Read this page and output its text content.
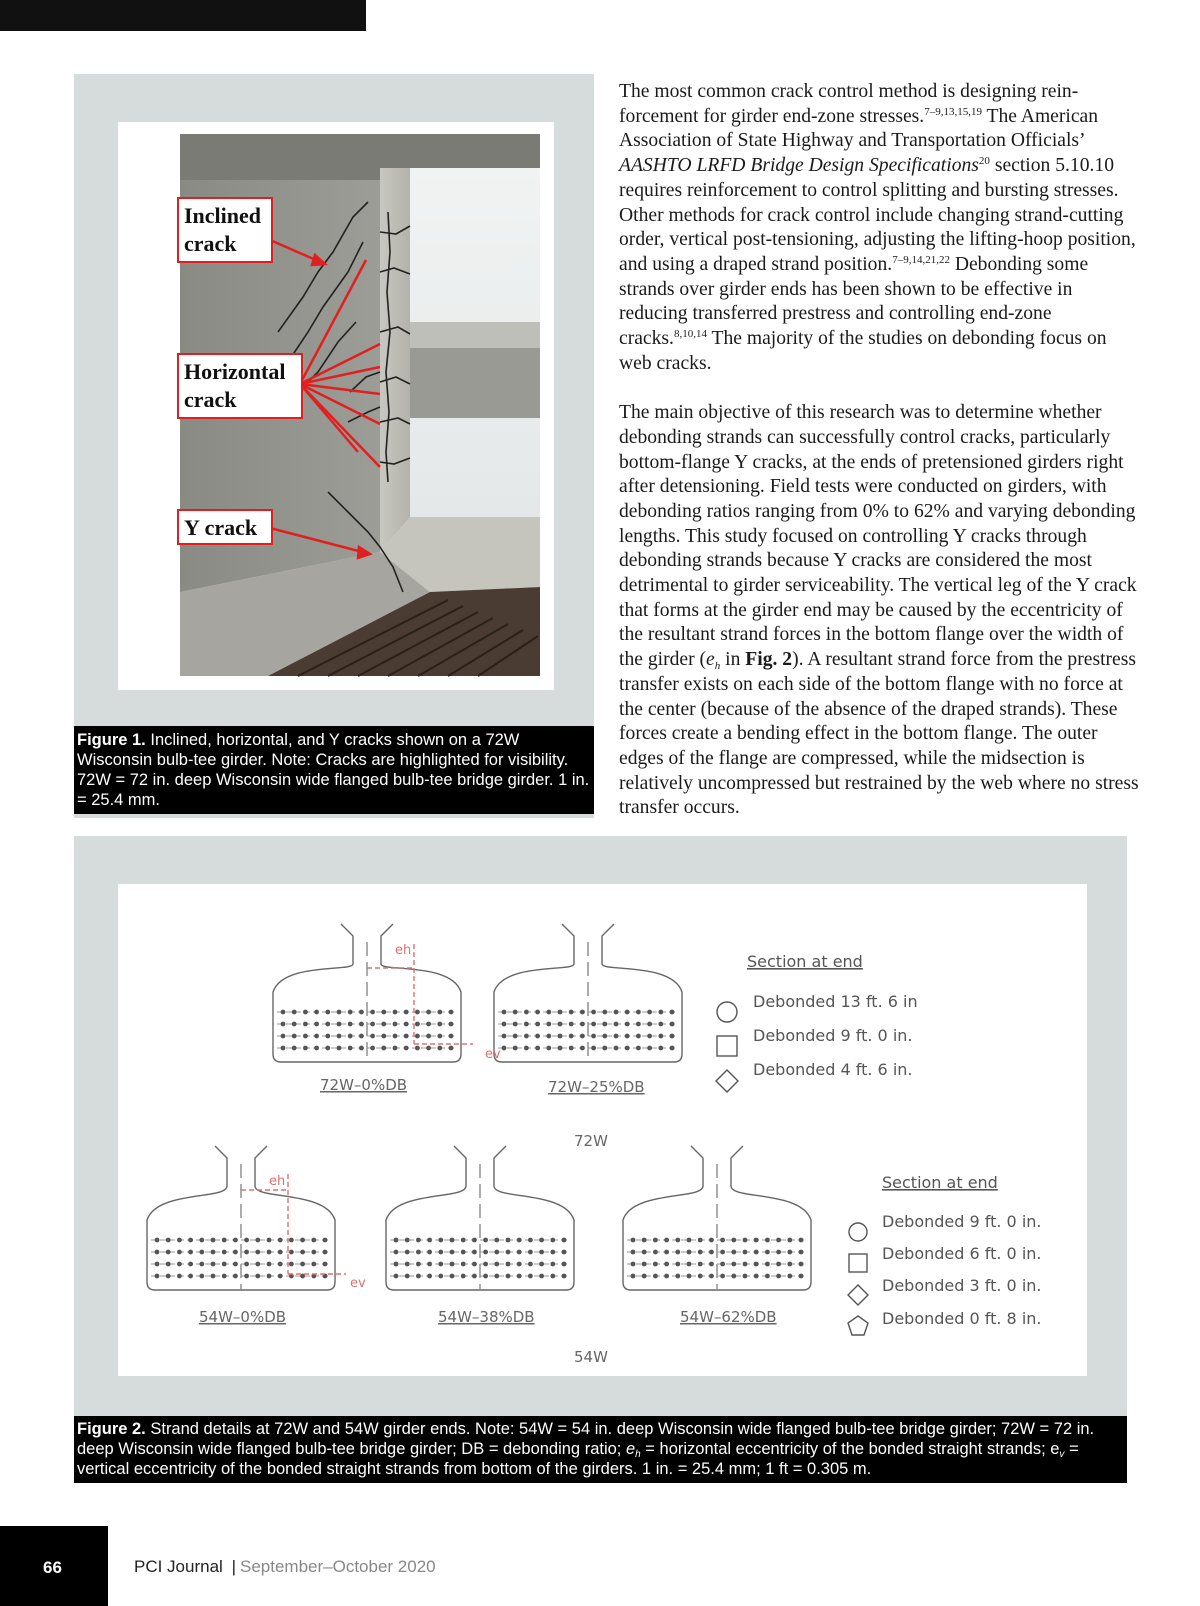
Inclined crack
Horizontal crack
Y crack
Figure 1. Inclined, horizontal, and Y cracks shown on a 72W Wisconsin bulb-tee girder. Note: Cracks are highlighted for visibility. 72W = 72 in. deep Wisconsin wide flanged bulb-tee bridge girder. 1 in. = 25.4 mm.

The most common crack control method is designing reinforcement for girder end-zone stresses.$^{7-9,13,15,19}$ The American Association of State Highway and Transportation Officials’ AASHTO LRFD Bridge Design Specifications$^{20}$ section 5.10.10 requires reinforcement to control splitting and bursting stresses. Other methods for crack control include changing strand-cutting order, vertical post-tensioning, adjusting the lifting-hoop position, and using a draped strand position.$^{7-9,14,21,22}$ Debonding some strands over girder ends has been shown to be effective in reducing transferred prestress and controlling end-zone cracks.$^{8,10,14}$ The majority of the studies on debonding focus on web cracks.

The main objective of this research was to determine whether debonding strands can successfully control cracks, particularly bottom-flange Y cracks, at the ends of pretensioned girders right after detensioning. Field tests were conducted on girders, with debonding ratios ranging from 0% to 62% and varying debonding lengths. This study focused on controlling Y cracks through debonding strands because Y cracks are considered the most detrimental to girder serviceability. The vertical leg of the Y crack that forms at the girder end may be caused by the eccentricity of the resultant strand forces in the bottom flange over the width of the girder ($e_h$ in Fig. 2). A resultant strand force from the prestress transfer exists on each side of the bottom flange with no force at the center (because of the absence of the draped strands). These forces create a bending effect in the bottom flange. The outer edges of the flange are compressed, while the midsection is relatively uncompressed but restrained by the web where no stress transfer occurs.

72W–0%DB	72W–25%DB
72W
Section at end
Debonded 13 ft. 6 in
Debonded 9 ft. 0 in.
Debonded 4 ft. 6 in.
54W–0%DB	54W–38%DB	54W–62%DB
54W
Section at end
Debonded 9 ft. 0 in.
Debonded 6 ft. 0 in.
Debonded 3 ft. 0 in.
Debonded 0 ft. 8 in.
eh
ev
eh
ev
Figure 2. Strand details at 72W and 54W girder ends. Note: 54W = 54 in. deep Wisconsin wide flanged bulb-tee bridge girder; 72W = 72 in. deep Wisconsin wide flanged bulb-tee bridge girder; DB = debonding ratio; $e_h$ = horizontal eccentricity of the bonded straight strands; $e_v$ = vertical eccentricity of the bonded straight strands from bottom of the girders. 1 in. = 25.4 mm; 1 ft = 0.305 m.
66	PCI Journal | September–October 2020
